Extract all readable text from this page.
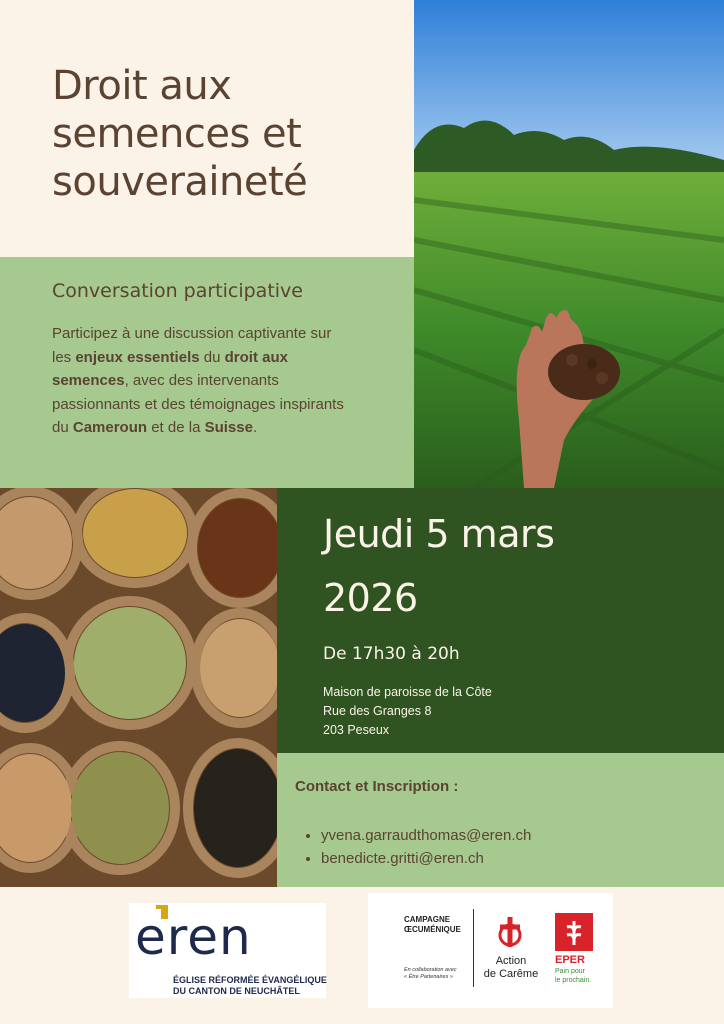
Droit aux
semences et
souveraineté
Conversation participative
Participez à une discussion captivante sur les enjeux essentiels du droit aux semences, avec des intervenants passionnants et des témoignages inspirants du Cameroun et de la Suisse.
Jeudi 5 mars
2026
De 17h30 à 20h
Maison de paroisse de la Côte
Rue des Granges 8
203 Peseux
Contact et Inscription :
• yvena.garraudthomas@eren.ch
• benedicte.gritti@eren.ch
eren
ÉGLISE RÉFORMÉE ÉVANGÉLIQUE
DU CANTON DE NEUCHÂTEL
CAMPAGNE
ŒCUMÉNIQUE
En collaboration avec
« Être Partenaires »
Action
de Carême
EPER
Pain pour
le prochain.
